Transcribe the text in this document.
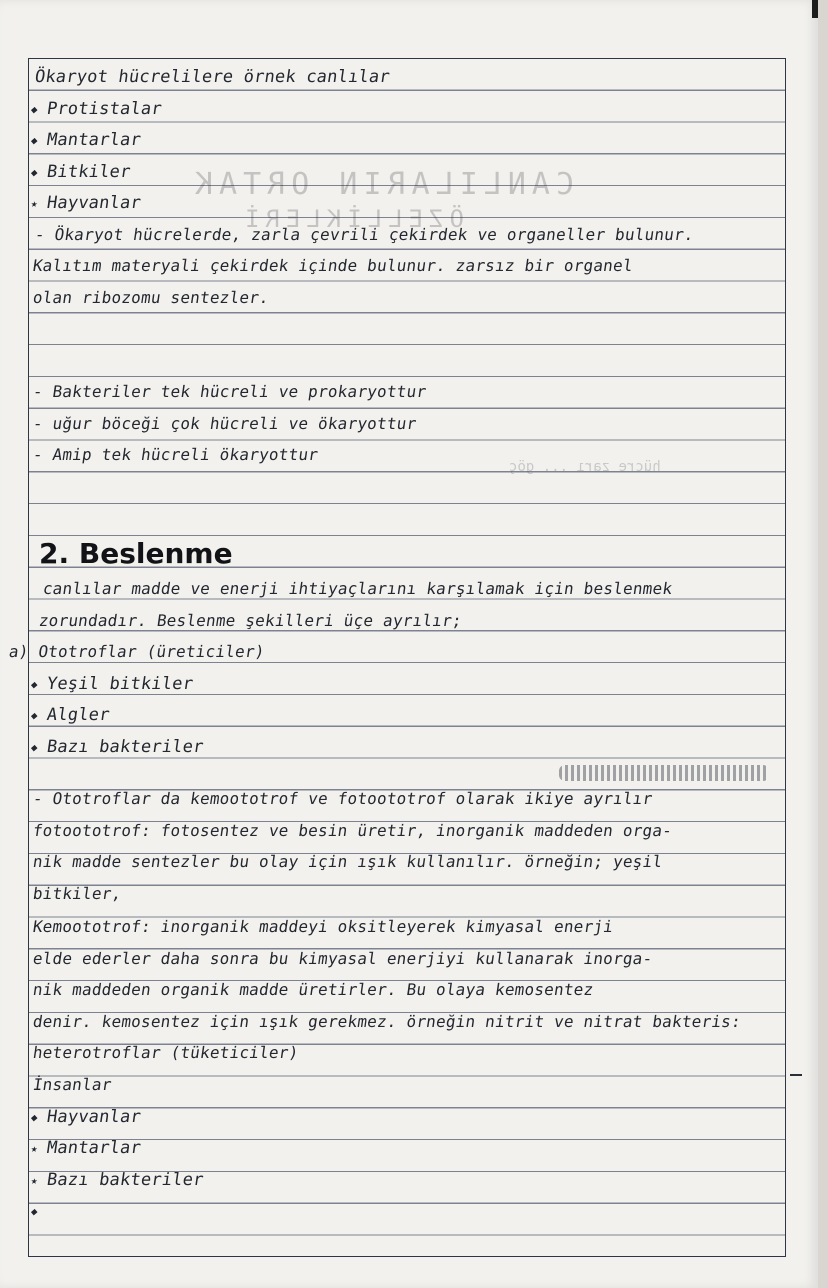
CANLILARIN ORTAK
ÖZELLİKLERİ
hücre zarı ... göç
Ökaryot hücrelilere örnek canlılar
◆ Protistalar
◆ Mantarlar
◆ Bitkiler
★ Hayvanlar
- Ökaryot hücrelerde, zarla çevrili çekirdek ve organeller bulunur.
Kalıtım materyali çekirdek içinde bulunur. zarsız bir organel
olan ribozomu sentezler.
- Bakteriler tek hücreli ve prokaryottur
- uğur böceği çok hücreli ve ökaryottur
- Amip tek hücreli ökaryottur
2. Beslenme
canlılar madde ve enerji ihtiyaçlarını karşılamak için beslenmek
zorundadır. Beslenme şekilleri üçe ayrılır;
a) Ototroflar (üreticiler)
◆ Yeşil bitkiler
◆ Algler
◆ Bazı bakteriler
- Ototroflar da kemoototrof ve fotoototrof olarak ikiye ayrılır
fotoototrof: fotosentez ve besin üretir, inorganik maddeden orga-
nik madde sentezler bu olay için ışık kullanılır. örneğin; yeşil
bitkiler,
Kemoototrof: inorganik maddeyi oksitleyerek kimyasal enerji
elde ederler daha sonra bu kimyasal enerjiyi kullanarak inorga-
nik maddeden organik madde üretirler. Bu olaya kemosentez
denir. kemosentez için ışık gerekmez. örneğin nitrit ve nitrat bakteris:
heterotroflar (tüketiciler)
İnsanlar
◆ Hayvanlar
★ Mantarlar
★ Bazı bakteriler
◆
